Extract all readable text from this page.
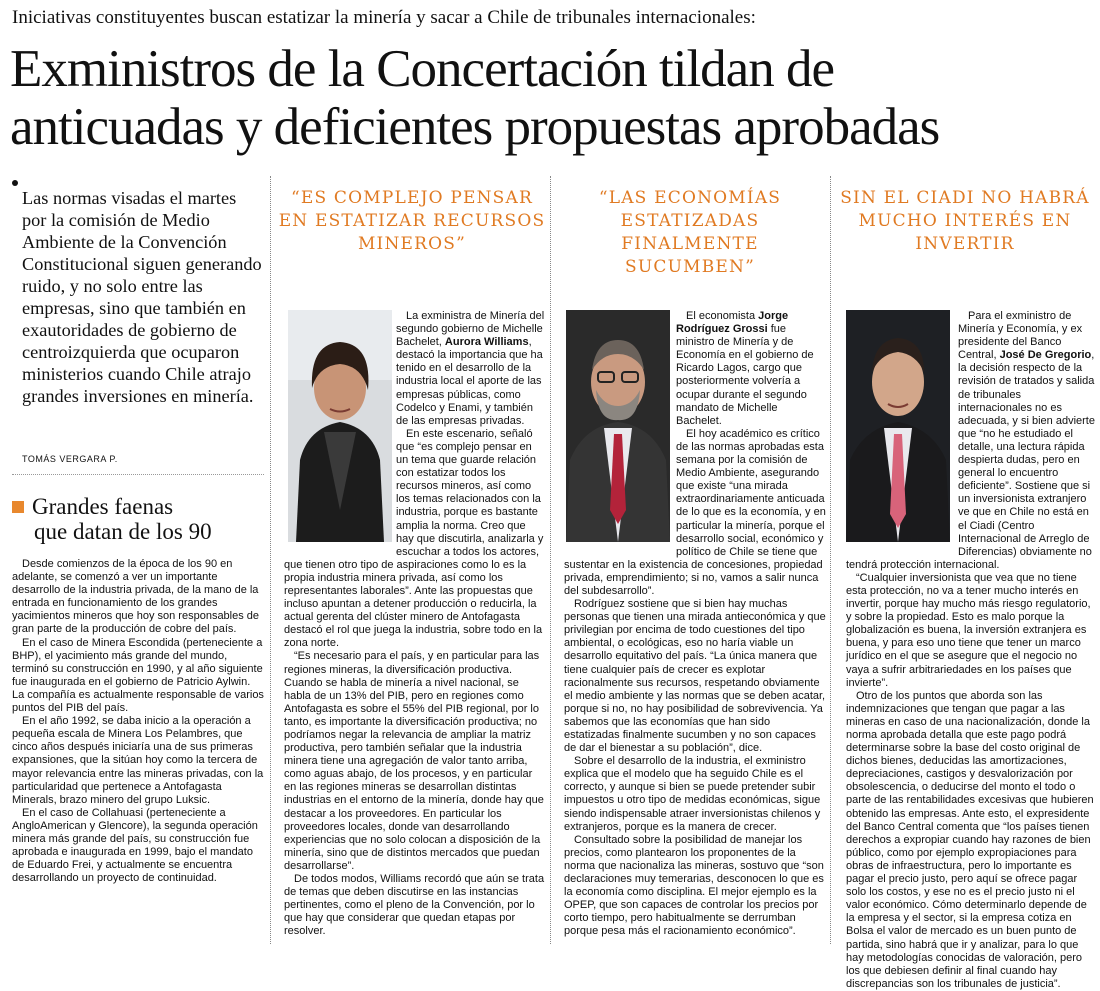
Iniciativas constituyentes buscan estatizar la minería y sacar a Chile de tribunales internacionales:
Exministros de la Concertación tildan de
anticuadas y deficientes propuestas aprobadas
Las normas visadas el martes por la comisión de Medio Ambiente de la Convención Constitucional siguen generando ruido, y no solo entre las empresas, sino que también en exautoridades de gobierno de centroizquierda que ocuparon ministerios cuando Chile atrajo grandes inversiones en minería.
TOMÁS VERGARA P.
Grandes faenas
que datan de los 90

Desde comienzos de la época de los 90 en adelante, se comenzó a ver un importante desarrollo de la industria privada, de la mano de la entrada en funcionamiento de los grandes yacimientos mineros que hoy son responsables de gran parte de la producción de cobre del país.

En el caso de Minera Escondida (perteneciente a BHP), el yacimiento más grande del mundo, terminó su construcción en 1990, y al año siguiente fue inaugurada en el gobierno de Patricio Aylwin. La compañía es actualmente responsable de varios puntos del PIB del país.

En el año 1992, se daba inicio a la operación a pequeña escala de Minera Los Pelambres, que cinco años después iniciaría una de sus primeras expansiones, que la sitúan hoy como la tercera de mayor relevancia entre las mineras privadas, con la particularidad que pertenece a Antofagasta Minerals, brazo minero del grupo Luksic.

En el caso de Collahuasi (perteneciente a AngloAmerican y Glencore), la segunda operación minera más grande del país, su construcción fue aprobada e inaugurada en 1999, bajo el mandato de Eduardo Frei, y actualmente se encuentra desarrollando un proyecto de continuidad.

“ES COMPLEJO PENSAR EN ESTATIZAR RECURSOS MINEROS”

La exministra de Minería del segundo gobierno de Michelle Bachelet, Aurora Williams, destacó la importancia que ha tenido en el desarrollo de la industria local el aporte de las empresas públicas, como Codelco y Enami, y también de las empresas privadas.

En este escenario, señaló que “es complejo pensar en un tema que guarde relación con estatizar todos los recursos mineros, así como los temas relacionados con la industria, porque es bastante amplia la norma. Creo que hay que discutirla, analizarla y escuchar a todos los actores, que tienen otro tipo de aspiraciones como lo es la propia industria minera privada, así como los representantes laborales”. Ante las propuestas que incluso apuntan a detener producción o reducirla, la actual gerenta del clúster minero de Antofagasta destacó el rol que juega la industria, sobre todo en la zona norte.

“Es necesario para el país, y en particular para las regiones mineras, la diversificación productiva. Cuando se habla de minería a nivel nacional, se habla de un 13% del PIB, pero en regiones como Antofagasta es sobre el 55% del PIB regional, por lo tanto, es importante la diversificación productiva; no podríamos negar la relevancia de ampliar la matriz productiva, pero también señalar que la industria minera tiene una agregación de valor tanto arriba, como aguas abajo, de los procesos, y en particular en las regiones mineras se desarrollan distintas industrias en el entorno de la minería, donde hay que destacar a los proveedores. En particular los proveedores locales, donde van desarrollando experiencias que no solo colocan a disposición de la minería, sino que de distintos mercados que puedan desarrollarse”.

De todos modos, Williams recordó que aún se trata de temas que deben discutirse en las instancias pertinentes, como el pleno de la Convención, por lo que hay que considerar que quedan etapas por resolver.

“LAS ECONOMÍAS ESTATIZADAS FINALMENTE SUCUMBEN”

El economista Jorge Rodríguez Grossi fue ministro de Minería y de Economía en el gobierno de Ricardo Lagos, cargo que posteriormente volvería a ocupar durante el segundo mandato de Michelle Bachelet.

El hoy académico es crítico de las normas aprobadas esta semana por la comisión de Medio Ambiente, asegurando que existe “una mirada extraordinariamente anticuada de lo que es la economía, y en particular la minería, porque el desarrollo social, económico y político de Chile se tiene que sustentar en la existencia de concesiones, propiedad privada, emprendimiento; si no, vamos a salir nunca del subdesarrollo”.

Rodríguez sostiene que si bien hay muchas personas que tienen una mirada antieconómica y que privilegian por encima de todo cuestiones del tipo ambiental, o ecológicas, eso no haría viable un desarrollo equitativo del país. “La única manera que tiene cualquier país de crecer es explotar racionalmente sus recursos, respetando obviamente el medio ambiente y las normas que se deben acatar, porque si no, no hay posibilidad de sobrevivencia. Ya sabemos que las economías que han sido estatizadas finalmente sucumben y no son capaces de dar el bienestar a su población”, dice.

Sobre el desarrollo de la industria, el exministro explica que el modelo que ha seguido Chile es el correcto, y aunque si bien se puede pretender subir impuestos u otro tipo de medidas económicas, sigue siendo indispensable atraer inversionistas chilenos y extranjeros, porque es la manera de crecer.

Consultado sobre la posibilidad de manejar los precios, como plantearon los proponentes de la norma que nacionaliza las mineras, sostuvo que “son declaraciones muy temerarias, desconocen lo que es la economía como disciplina. El mejor ejemplo es la OPEP, que son capaces de controlar los precios por corto tiempo, pero habitualmente se derrumban porque pesa más el racionamiento económico”.

SIN EL CIADI NO HABRÁ MUCHO INTERÉS EN INVERTIR

Para el exministro de Minería y Economía, y ex presidente del Banco Central, José De Gregorio, la decisión respecto de la revisión de tratados y salida de tribunales internacionales no es adecuada, y si bien advierte que “no he estudiado el detalle, una lectura rápida despierta dudas, pero en general lo encuentro deficiente”. Sostiene que si un inversionista extranjero ve que en Chile no está en el Ciadi (Centro Internacional de Arreglo de Diferencias) obviamente no tendrá protección internacional.

“Cualquier inversionista que vea que no tiene esta protección, no va a tener mucho interés en invertir, porque hay mucho más riesgo regulatorio, y sobre la propiedad. Esto es malo porque la globalización es buena, la inversión extranjera es buena, y para eso uno tiene que tener un marco jurídico en el que se asegure que el negocio no vaya a sufrir arbitrariedades en los países que invierte”.

Otro de los puntos que aborda son las indemnizaciones que tengan que pagar a las mineras en caso de una nacionalización, donde la norma aprobada detalla que este pago podrá determinarse sobre la base del costo original de dichos bienes, deducidas las amortizaciones, depreciaciones, castigos y desvalorización por obsolescencia, o deducirse del monto el todo o parte de las rentabilidades excesivas que hubieren obtenido las empresas. Ante esto, el expresidente del Banco Central comenta que “los países tienen derechos a expropiar cuando hay razones de bien público, como por ejemplo expropiaciones para obras de infraestructura, pero lo importante es pagar el precio justo, pero aquí se ofrece pagar solo los costos, y ese no es el precio justo ni el valor económico. Cómo determinarlo depende de la empresa y el sector, si la empresa cotiza en Bolsa el valor de mercado es un buen punto de partida, sino habrá que ir y analizar, para lo que hay metodologías conocidas de valoración, pero los que debiesen definir al final cuando hay discrepancias son los tribunales de justicia”.
